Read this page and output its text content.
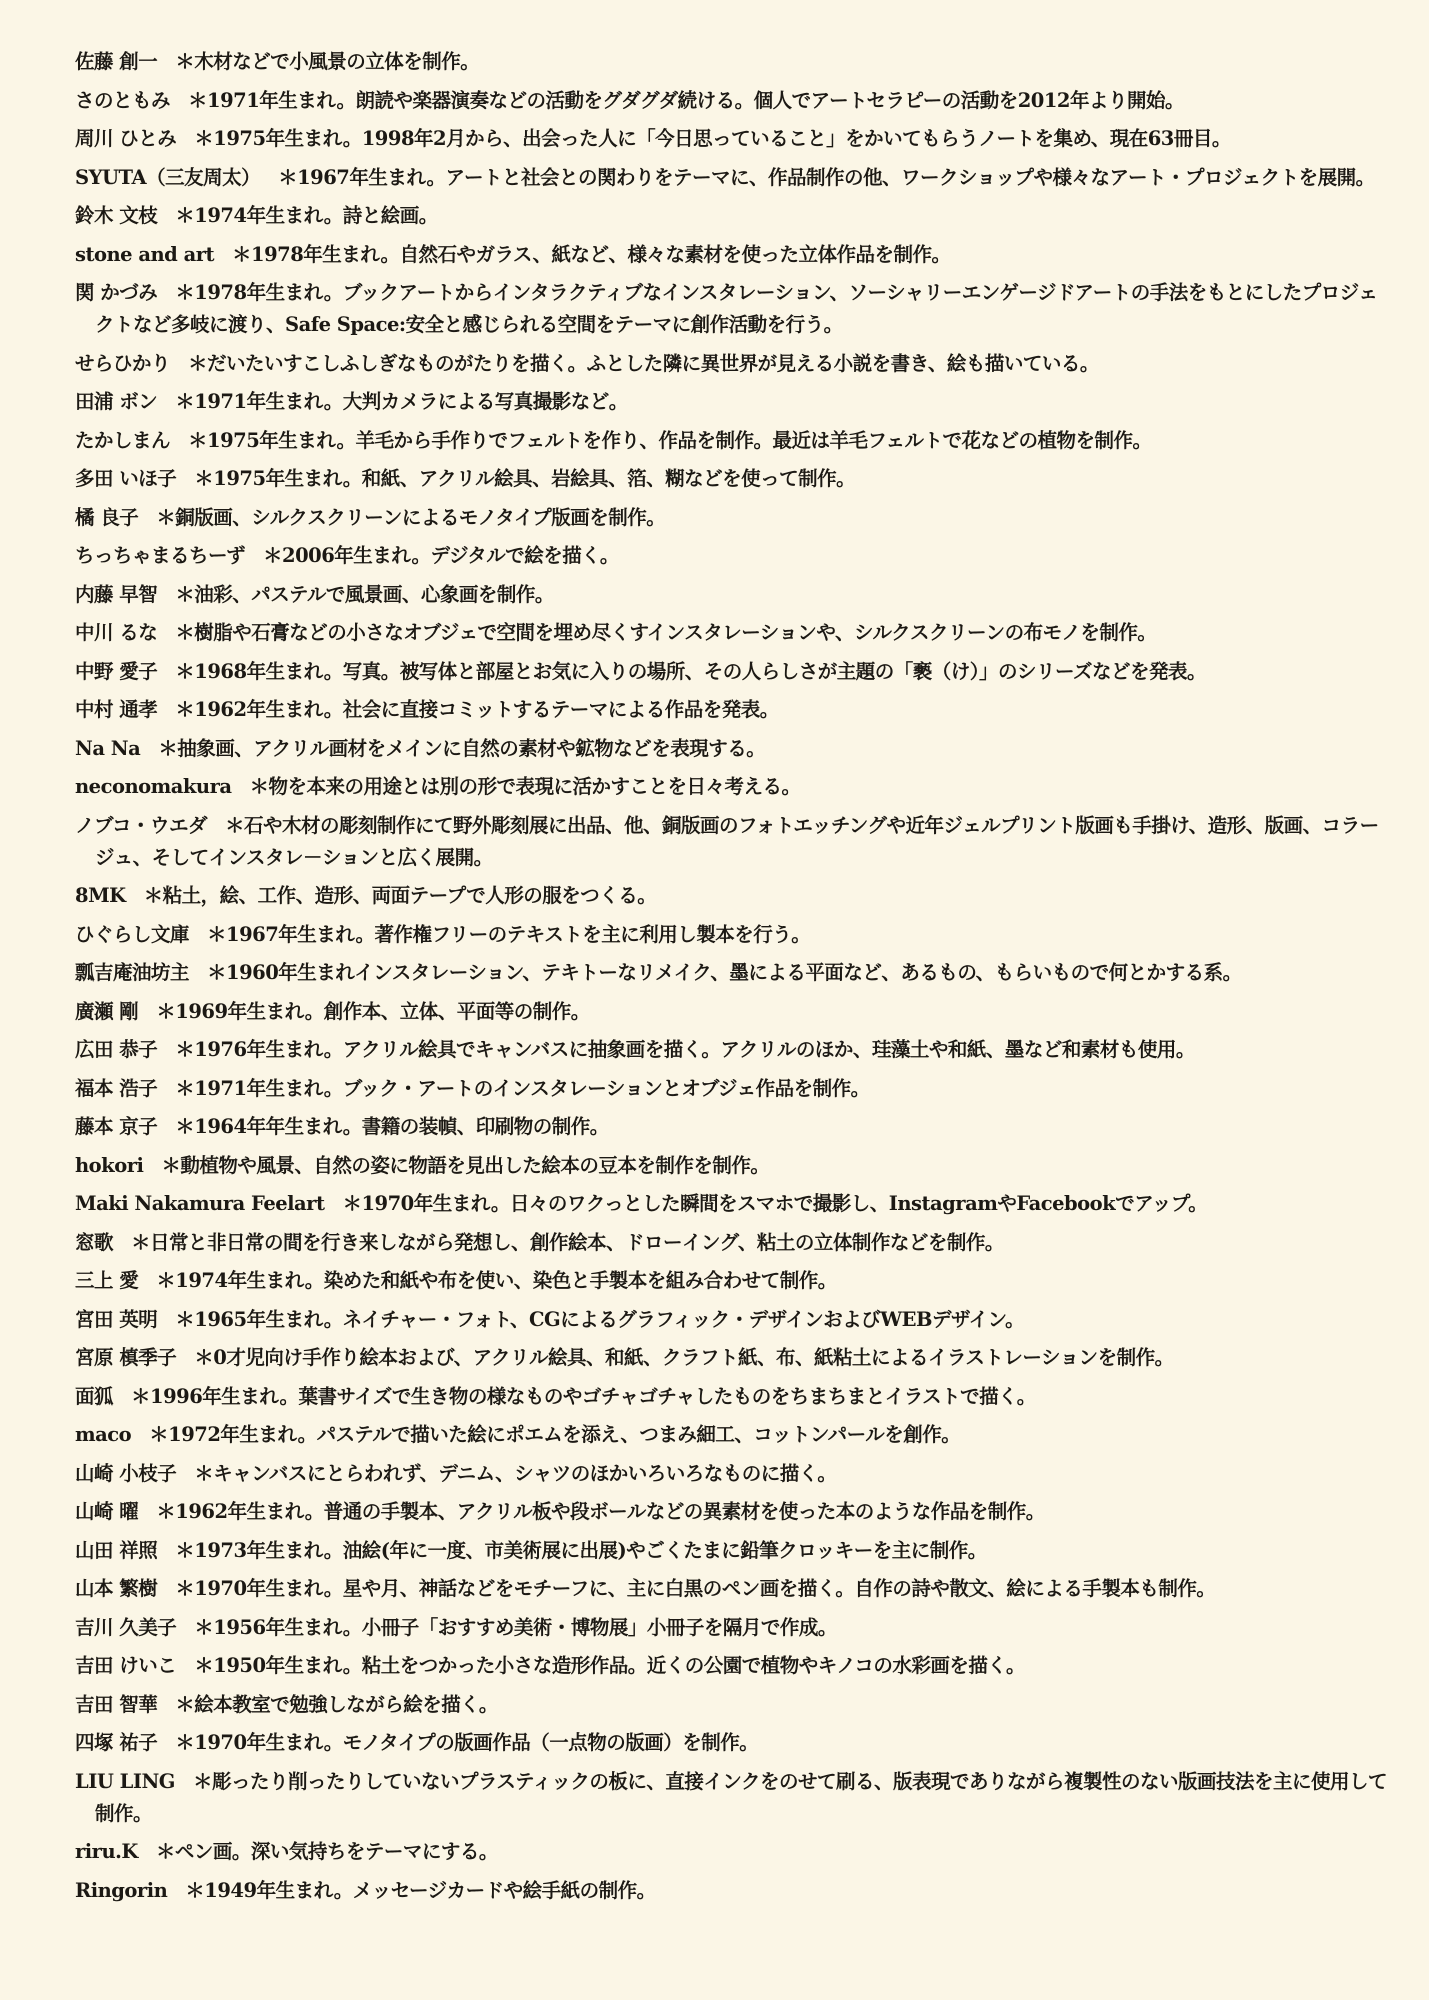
佐藤 創一 ＊木材などで小風景の立体を制作。
さのともみ ＊1971年生まれ。朗読や楽器演奏などの活動をグダグダ続ける。個人でアートセラピーの活動を2012年より開始。
周川 ひとみ ＊1975年生まれ。1998年2月から、出会った人に「今日思っていること」をかいてもらうノートを集め、現在63冊目。
SYUTA（三友周太） ＊1967年生まれ。アートと社会との関わりをテーマに、作品制作の他、ワークショップや様々なアート・プロジェクトを展開。
鈴木 文枝 ＊1974年生まれ。詩と絵画。
stone and art ＊1978年生まれ。自然石やガラス、紙など、様々な素材を使った立体作品を制作。
関 かづみ ＊1978年生まれ。ブックアートからインタラクティブなインスタレーション、ソーシャリーエンゲージドアートの手法をもとにしたプロジェクトなど多岐に渡り、Safe Space:安全と感じられる空間をテーマに創作活動を行う。
せらひかり ＊だいたいすこしふしぎなものがたりを描く。ふとした隣に異世界が見える小説を書き、絵も描いている。
田浦 ボン ＊1971年生まれ。大判カメラによる写真撮影など。
たかしまん ＊1975年生まれ。羊毛から手作りでフェルトを作り、作品を制作。最近は羊毛フェルトで花などの植物を制作。
多田 いほ子 ＊1975年生まれ。和紙、アクリル絵具、岩絵具、箔、糊などを使って制作。
橘 良子 ＊銅版画、シルクスクリーンによるモノタイプ版画を制作。
ちっちゃまるちーず ＊2006年生まれ。デジタルで絵を描く。
内藤 早智 ＊油彩、パステルで風景画、心象画を制作。
中川 るな ＊樹脂や石膏などの小さなオブジェで空間を埋め尽くすインスタレーションや、シルクスクリーンの布モノを制作。
中野 愛子 ＊1968年生まれ。写真。被写体と部屋とお気に入りの場所、その人らしさが主題の「褻（け）」のシリーズなどを発表。
中村 通孝 ＊1962年生まれ。社会に直接コミットするテーマによる作品を発表。
Na Na ＊抽象画、アクリル画材をメインに自然の素材や鉱物などを表現する。
neconomakura ＊物を本来の用途とは別の形で表現に活かすことを日々考える。
ノブコ・ウエダ ＊石や木材の彫刻制作にて野外彫刻展に出品、他、銅版画のフォトエッチングや近年ジェルプリント版画も手掛け、造形、版画、コラージュ、そしてインスタレ－ションと広く展開。
8MK ＊粘土，絵、工作、造形、両面テープで人形の服をつくる。
ひぐらし文庫 ＊1967年生まれ。著作権フリーのテキストを主に利用し製本を行う。
瓢吉庵油坊主 ＊1960年生まれインスタレーション、テキトーなリメイク、墨による平面など、あるもの、もらいもので何とかする系。
廣瀬 剛 ＊1969年生まれ。創作本、立体、平面等の制作。
広田 恭子 ＊1976年生まれ。アクリル絵具でキャンバスに抽象画を描く。アクリルのほか、珪藻土や和紙、墨など和素材も使用。
福本 浩子 ＊1971年生まれ。ブック・アートのインスタレーションとオブジェ作品を制作。
藤本 京子 ＊1964年年生まれ。書籍の装幀、印刷物の制作。
hokori ＊動植物や風景、自然の姿に物語を見出した絵本の豆本を制作を制作。
Maki Nakamura Feelart ＊1970年生まれ。日々のワクっとした瞬間をスマホで撮影し、InstagramやFacebookでアップ。
窓歌 ＊日常と非日常の間を行き来しながら発想し、創作絵本、ドローイング、粘土の立体制作などを制作。
三上 愛 ＊1974年生まれ。染めた和紙や布を使い、染色と手製本を組み合わせて制作。
宮田 英明 ＊1965年生まれ。ネイチャー・フォト、CGによるグラフィック・デザインおよびWEBデザイン。
宮原 槙季子 ＊0才児向け手作り絵本および、アクリル絵具、和紙、クラフト紙、布、紙粘土によるイラストレーションを制作。
面狐 ＊1996年生まれ。葉書サイズで生き物の様なものやゴチャゴチャしたものをちまちまとイラストで描く。
maco ＊1972年生まれ。パステルで描いた絵にポエムを添え、つまみ細工、コットンパールを創作。
山崎 小枝子 ＊キャンバスにとらわれず、デニム、シャツのほかいろいろなものに描く。
山崎 曜 ＊1962年生まれ。普通の手製本、アクリル板や段ボールなどの異素材を使った本のような作品を制作。
山田 祥照 ＊1973年生まれ。油絵(年に一度、市美術展に出展)やごくたまに鉛筆クロッキーを主に制作。
山本 繁樹 ＊1970年生まれ。星や月、神話などをモチーフに、主に白黒のペン画を描く。自作の詩や散文、絵による手製本も制作。
吉川 久美子 ＊1956年生まれ。小冊子「おすすめ美術・博物展」小冊子を隔月で作成。
吉田 けいこ ＊1950年生まれ。粘土をつかった小さな造形作品。近くの公園で植物やキノコの水彩画を描く。
吉田 智華 ＊絵本教室で勉強しながら絵を描く。
四塚 祐子 ＊1970年生まれ。モノタイプの版画作品（一点物の版画）を制作。
LIU LING ＊彫ったり削ったりしていないプラスティックの板に、直接インクをのせて刷る、版表現でありながら複製性のない版画技法を主に使用して制作。
riru.K ＊ペン画。深い気持ちをテーマにする。
Ringorin ＊1949年生まれ。メッセージカードや絵手紙の制作。
